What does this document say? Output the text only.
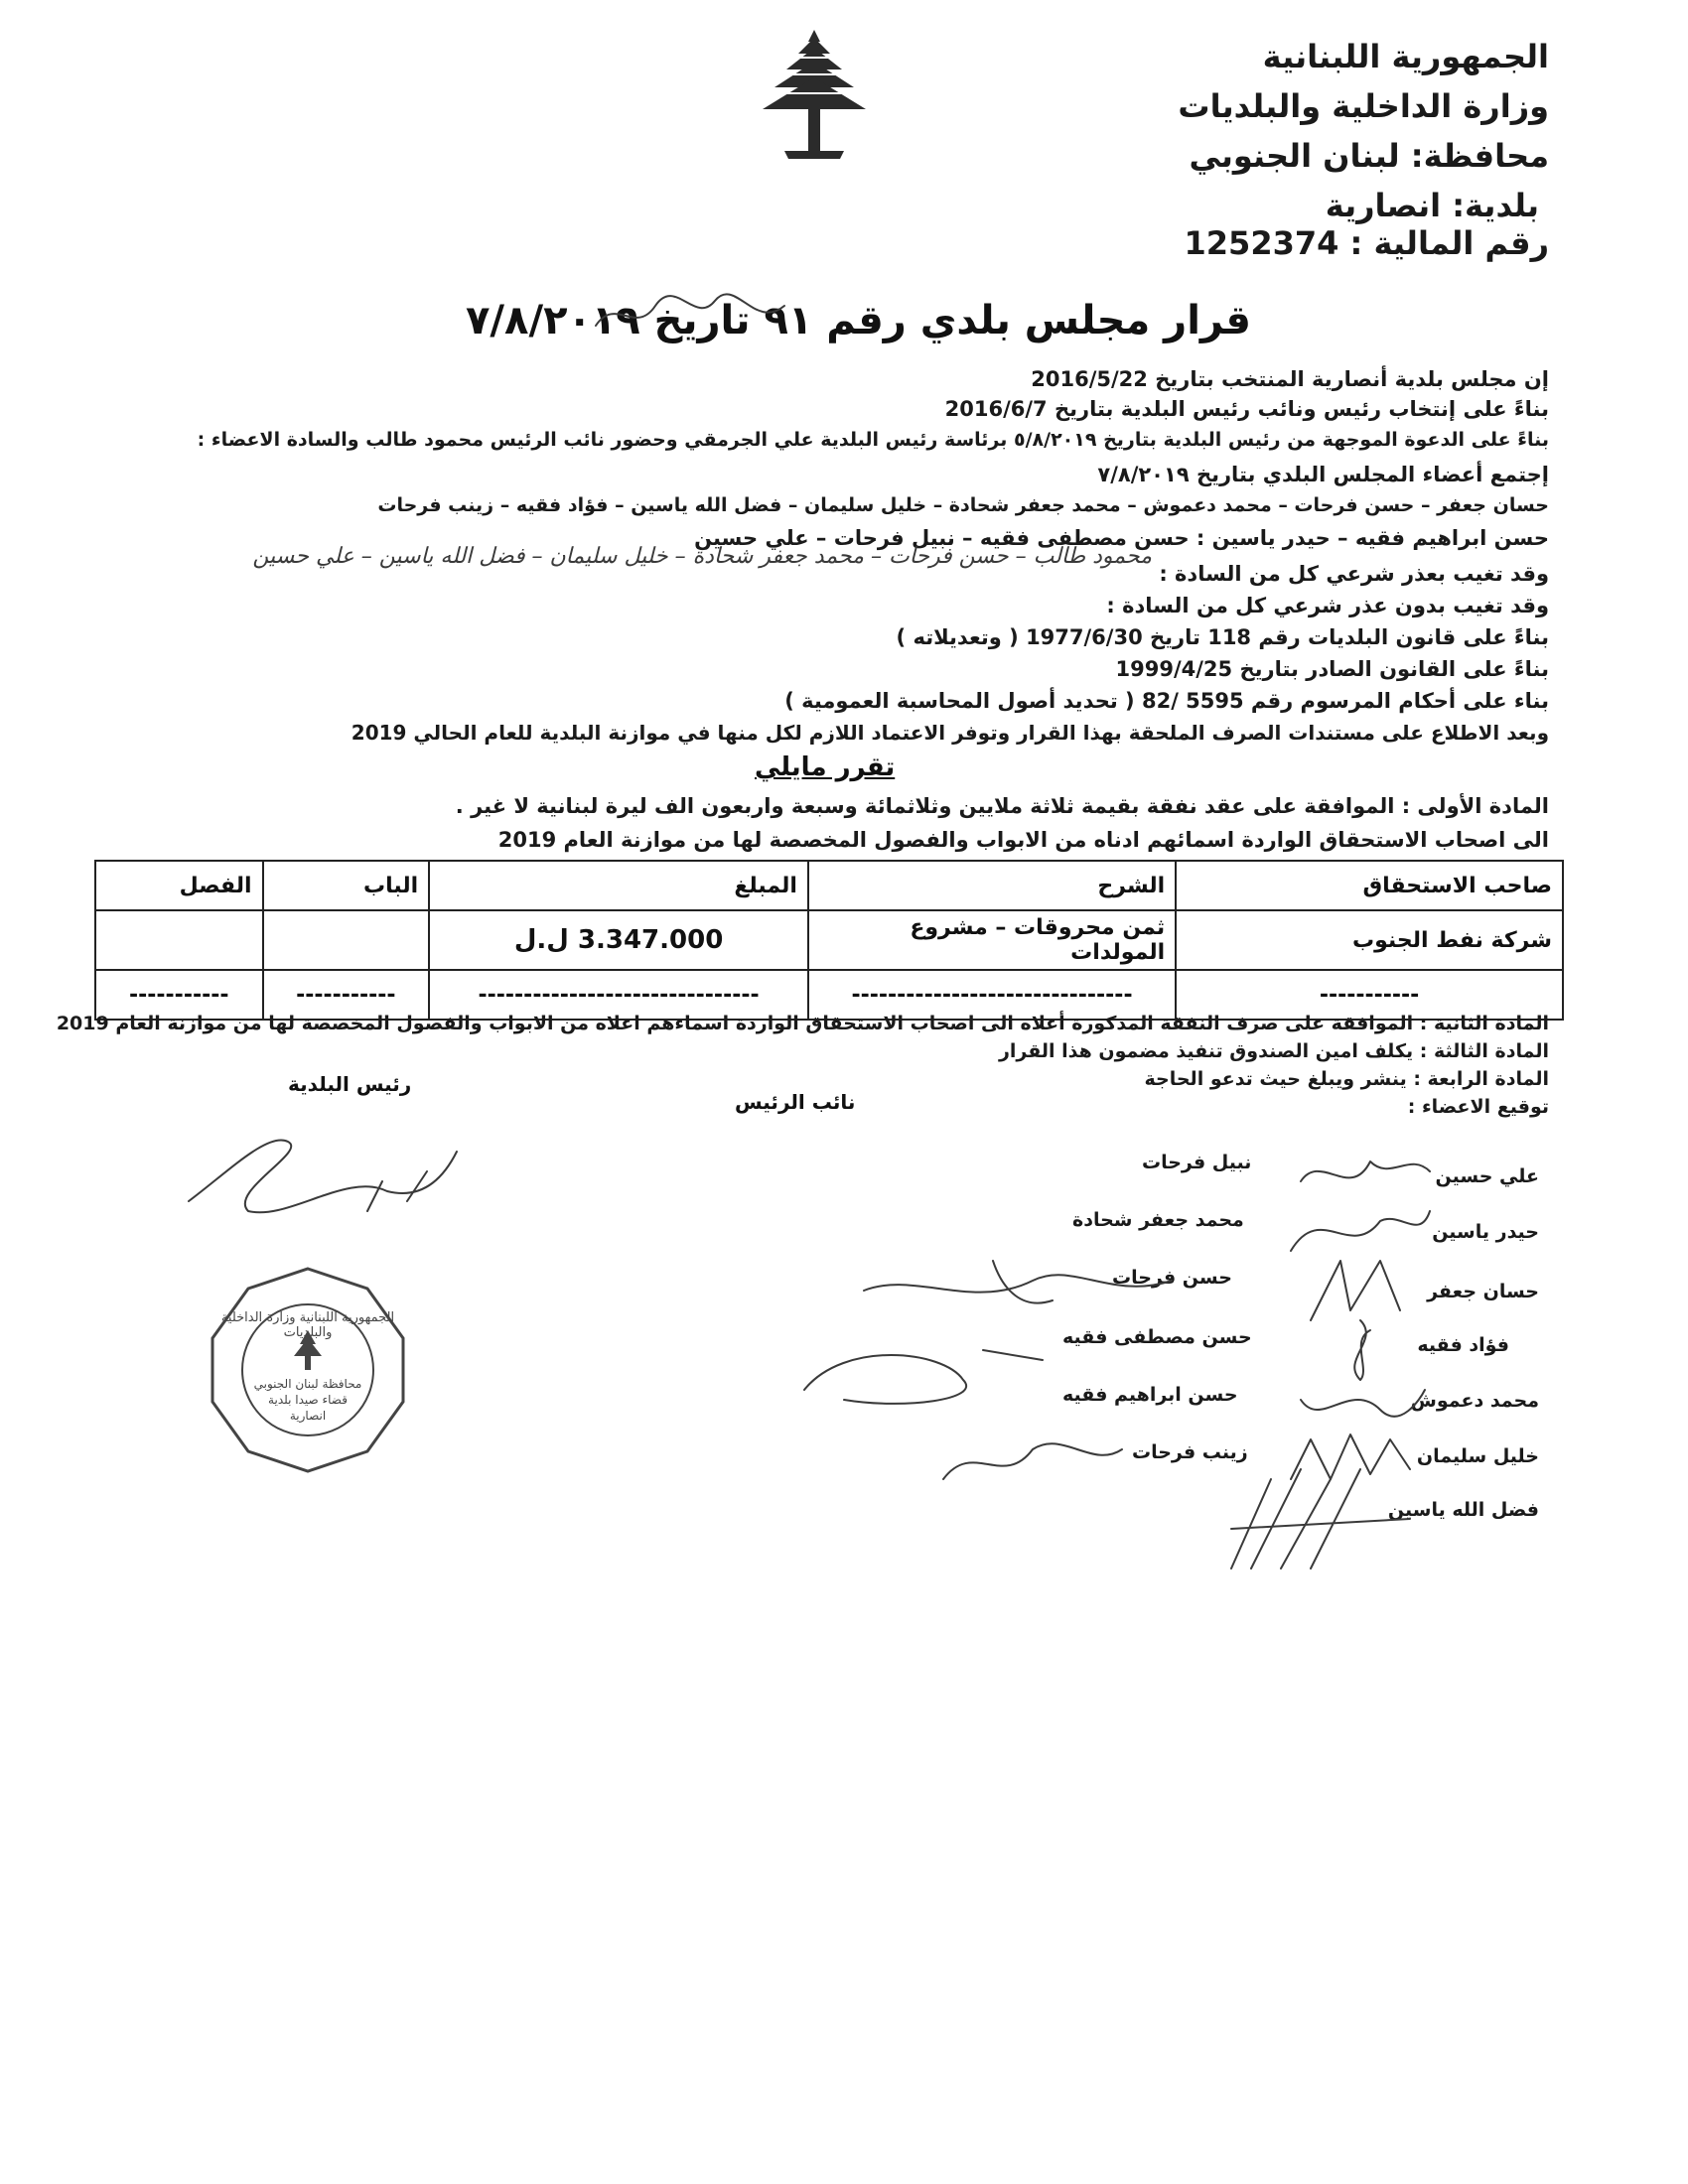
الجمهورية اللبنانية
وزارة الداخلية والبلديات
محافظة: لبنان الجنوبي
بلدية: انصارية
رقم المالية : 1252374
قرار مجلس بلدي رقم ٩١ تاريخ ٧/٨/٢٠١٩
إن مجلس بلدية أنصارية المنتخب بتاريخ 2016/5/22
بناءً على إنتخاب رئيس ونائب رئيس البلدية بتاريخ 2016/6/7
بناءً على الدعوة الموجهة من رئيس البلدية بتاريخ ٥/٨/٢٠١٩ برئاسة رئيس البلدية علي الجرمقي وحضور نائب الرئيس محمود طالب والسادة الاعضاء :
إجتمع أعضاء المجلس البلدي بتاريخ ٧/٨/٢٠١٩
حسان جعفر – حسن فرحات – محمد دعموش – محمد جعفر شحادة – خليل سليمان – فضل الله ياسين – فؤاد فقيه – زينب فرحات
حسن ابراهيم فقيه – حيدر ياسين : حسن مصطفى فقيه – نبيل فرحات – علي حسين
محمود طالب – حسن فرحات – محمد جعفر شحادة – خليل سليمان – فضل الله ياسين – علي حسين
وقد تغيب بعذر شرعي كل من السادة :
وقد تغيب بدون عذر شرعي كل من السادة :
بناءً على قانون البلديات رقم 118 تاريخ 1977/6/30 ( وتعديلاته )
بناءً على القانون الصادر بتاريخ 1999/4/25
بناء على أحكام المرسوم رقم 5595 /82 ( تحديد أصول المحاسبة العمومية )
وبعد الاطلاع على مستندات الصرف الملحقة بهذا القرار وتوفر الاعتماد اللازم لكل منها في موازنة البلدية للعام الحالي 2019
تقرر مايلي
المادة الأولى : الموافقة على عقد نفقة بقيمة ثلاثة ملايين وثلاثمائة وسبعة واربعون الف ليرة لبنانية لا غير .
الى اصحاب الاستحقاق الواردة اسمائهم ادناه من الابواب والفصول المخصصة لها من موازنة العام 2019
صاحب الاستحقاق	الشرح	المبلغ	الباب	الفصل
شركة نفط الجنوب	ثمن محروقات – مشروع المولدات	3.347.000 ل.ل		
-----------	-------------------------------	-------------------------------	-----------	-----------
المادة الثانية : الموافقة على صرف النفقة المذكورة أعلاه الى اصحاب الاستحقاق الواردة اسماءهم اعلاه من الابواب والفصول المخصصة لها من موازنة العام 2019
المادة الثالثة : يكلف امين الصندوق تنفيذ مضمون هذا القرار
المادة الرابعة : ينشر ويبلغ حيث تدعو الحاجة
رئيس البلدية
نائب الرئيس	توقيع الاعضاء :
علي حسين
حيدر ياسين
حسان جعفر
فؤاد فقيه
محمد دعموش
خليل سليمان
فضل الله ياسين
نبيل فرحات
محمد جعفر شحادة
حسن فرحات
حسن مصطفى فقيه
حسن ابراهيم فقيه
زينب فرحات
الجمهورية اللبنانية وزارة الداخلية والبلديات
محافظة لبنان الجنوبي قضاء صيدا بلدية انصارية
